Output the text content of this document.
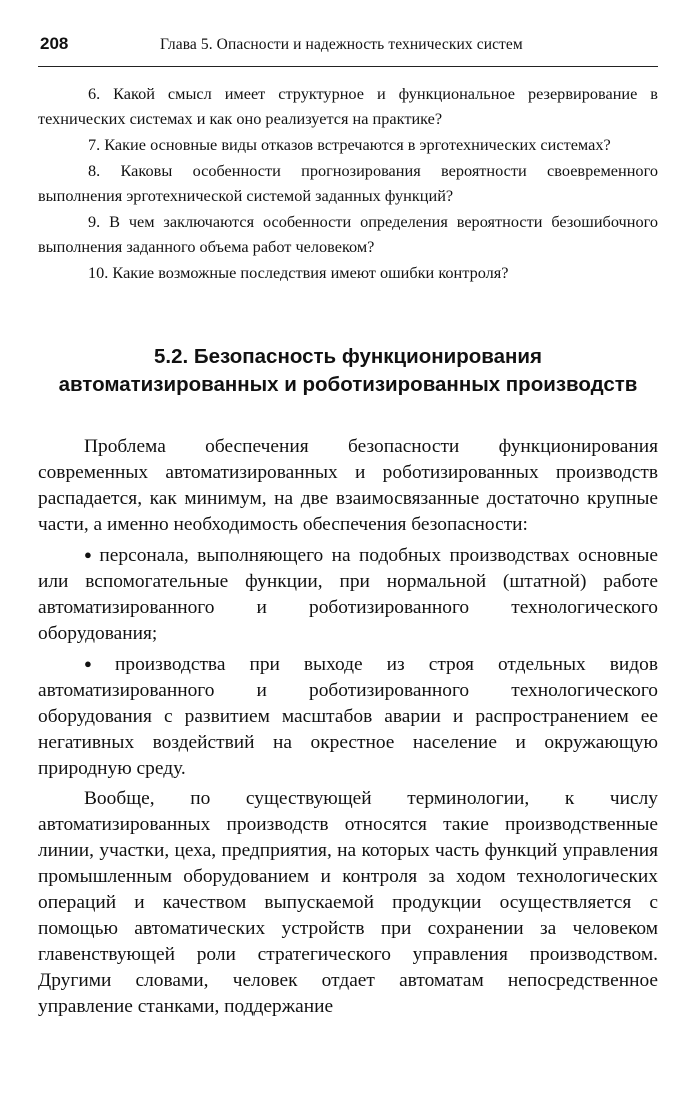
208	Глава 5. Опасности и надежность технических систем

6. Какой смысл имеет структурное и функциональное резервирование в технических системах и как оно реализуется на практике?

7. Какие основные виды отказов встречаются в эрготехнических системах?

8. Каковы особенности прогнозирования вероятности своевременного выполнения эрготехнической системой заданных функций?

9. В чем заключаются особенности определения вероятности безошибочного выполнения заданного объема работ человеком?

10. Какие возможные последствия имеют ошибки контроля?

5.2. Безопасность функционирования автоматизированных и роботизированных производств

Проблема обеспечения безопасности функционирования современных автоматизированных и роботизированных производств распадается, как минимум, на две взаимосвязанные достаточно крупные части, а именно необходимость обеспечения безопасности:

● персонала, выполняющего на подобных производствах основные или вспомогательные функции, при нормальной (штатной) работе автоматизированного и роботизированного технологического оборудования;

● производства при выходе из строя отдельных видов автоматизированного и роботизированного технологического оборудования с развитием масштабов аварии и распространением ее негативных воздействий на окрестное население и окружающую природную среду.

Вообще, по существующей терминологии, к числу автоматизированных производств относятся такие производственные линии, участки, цеха, предприятия, на которых часть функций управления промышленным оборудованием и контроля за ходом технологических операций и качеством выпускаемой продукции осуществляется с помощью автоматических устройств при сохранении за человеком главенствующей роли стратегического управления производством. Другими словами, человек отдает автоматам непосредственное управление станками, поддержание
